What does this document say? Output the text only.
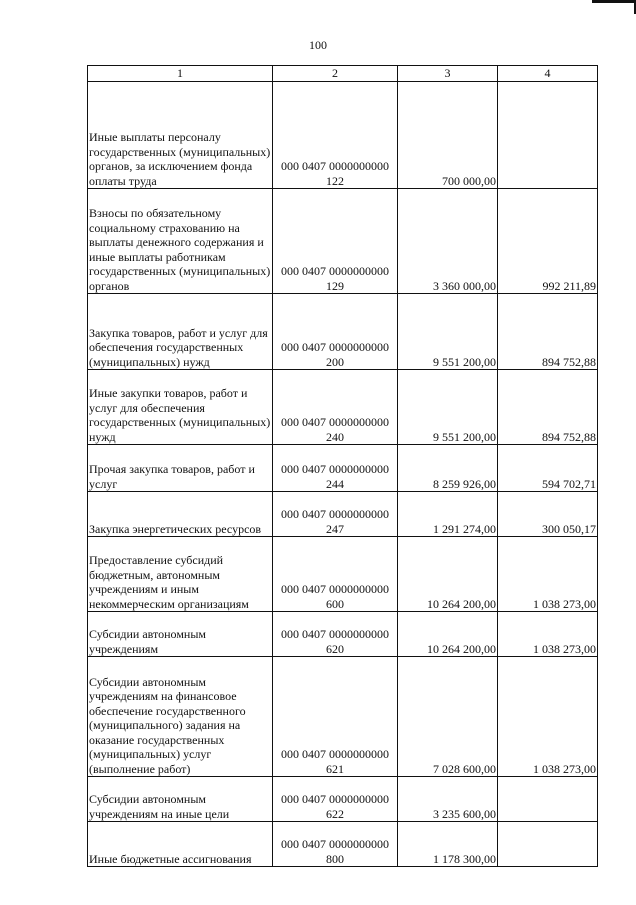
100
1	2	3	4
Иные выплаты персоналу государственных (муниципальных) органов, за исключением фонда оплаты труда	000 0407 0000000000 122	700 000,00	
Взносы по обязательному социальному страхованию на выплаты денежного содержания и иные выплаты работникам государственных (муниципальных) органов	000 0407 0000000000 129	3 360 000,00	992 211,89
Закупка товаров, работ и услуг для обеспечения государственных (муниципальных) нужд	000 0407 0000000000 200	9 551 200,00	894 752,88
Иные закупки товаров, работ и услуг для обеспечения государственных (муниципальных) нужд	000 0407 0000000000 240	9 551 200,00	894 752,88
Прочая закупка товаров, работ и услуг	000 0407 0000000000 244	8 259 926,00	594 702,71
Закупка энергетических ресурсов	000 0407 0000000000 247	1 291 274,00	300 050,17
Предоставление субсидий бюджетным, автономным учреждениям и иным некоммерческим организациям	000 0407 0000000000 600	10 264 200,00	1 038 273,00
Субсидии автономным учреждениям	000 0407 0000000000 620	10 264 200,00	1 038 273,00
Субсидии автономным учреждениям на финансовое обеспечение государственного (муниципального) задания на оказание государственных (муниципальных) услуг (выполнение работ)	000 0407 0000000000 621	7 028 600,00	1 038 273,00
Субсидии автономным учреждениям на иные цели	000 0407 0000000000 622	3 235 600,00	
Иные бюджетные ассигнования	000 0407 0000000000 800	1 178 300,00	
